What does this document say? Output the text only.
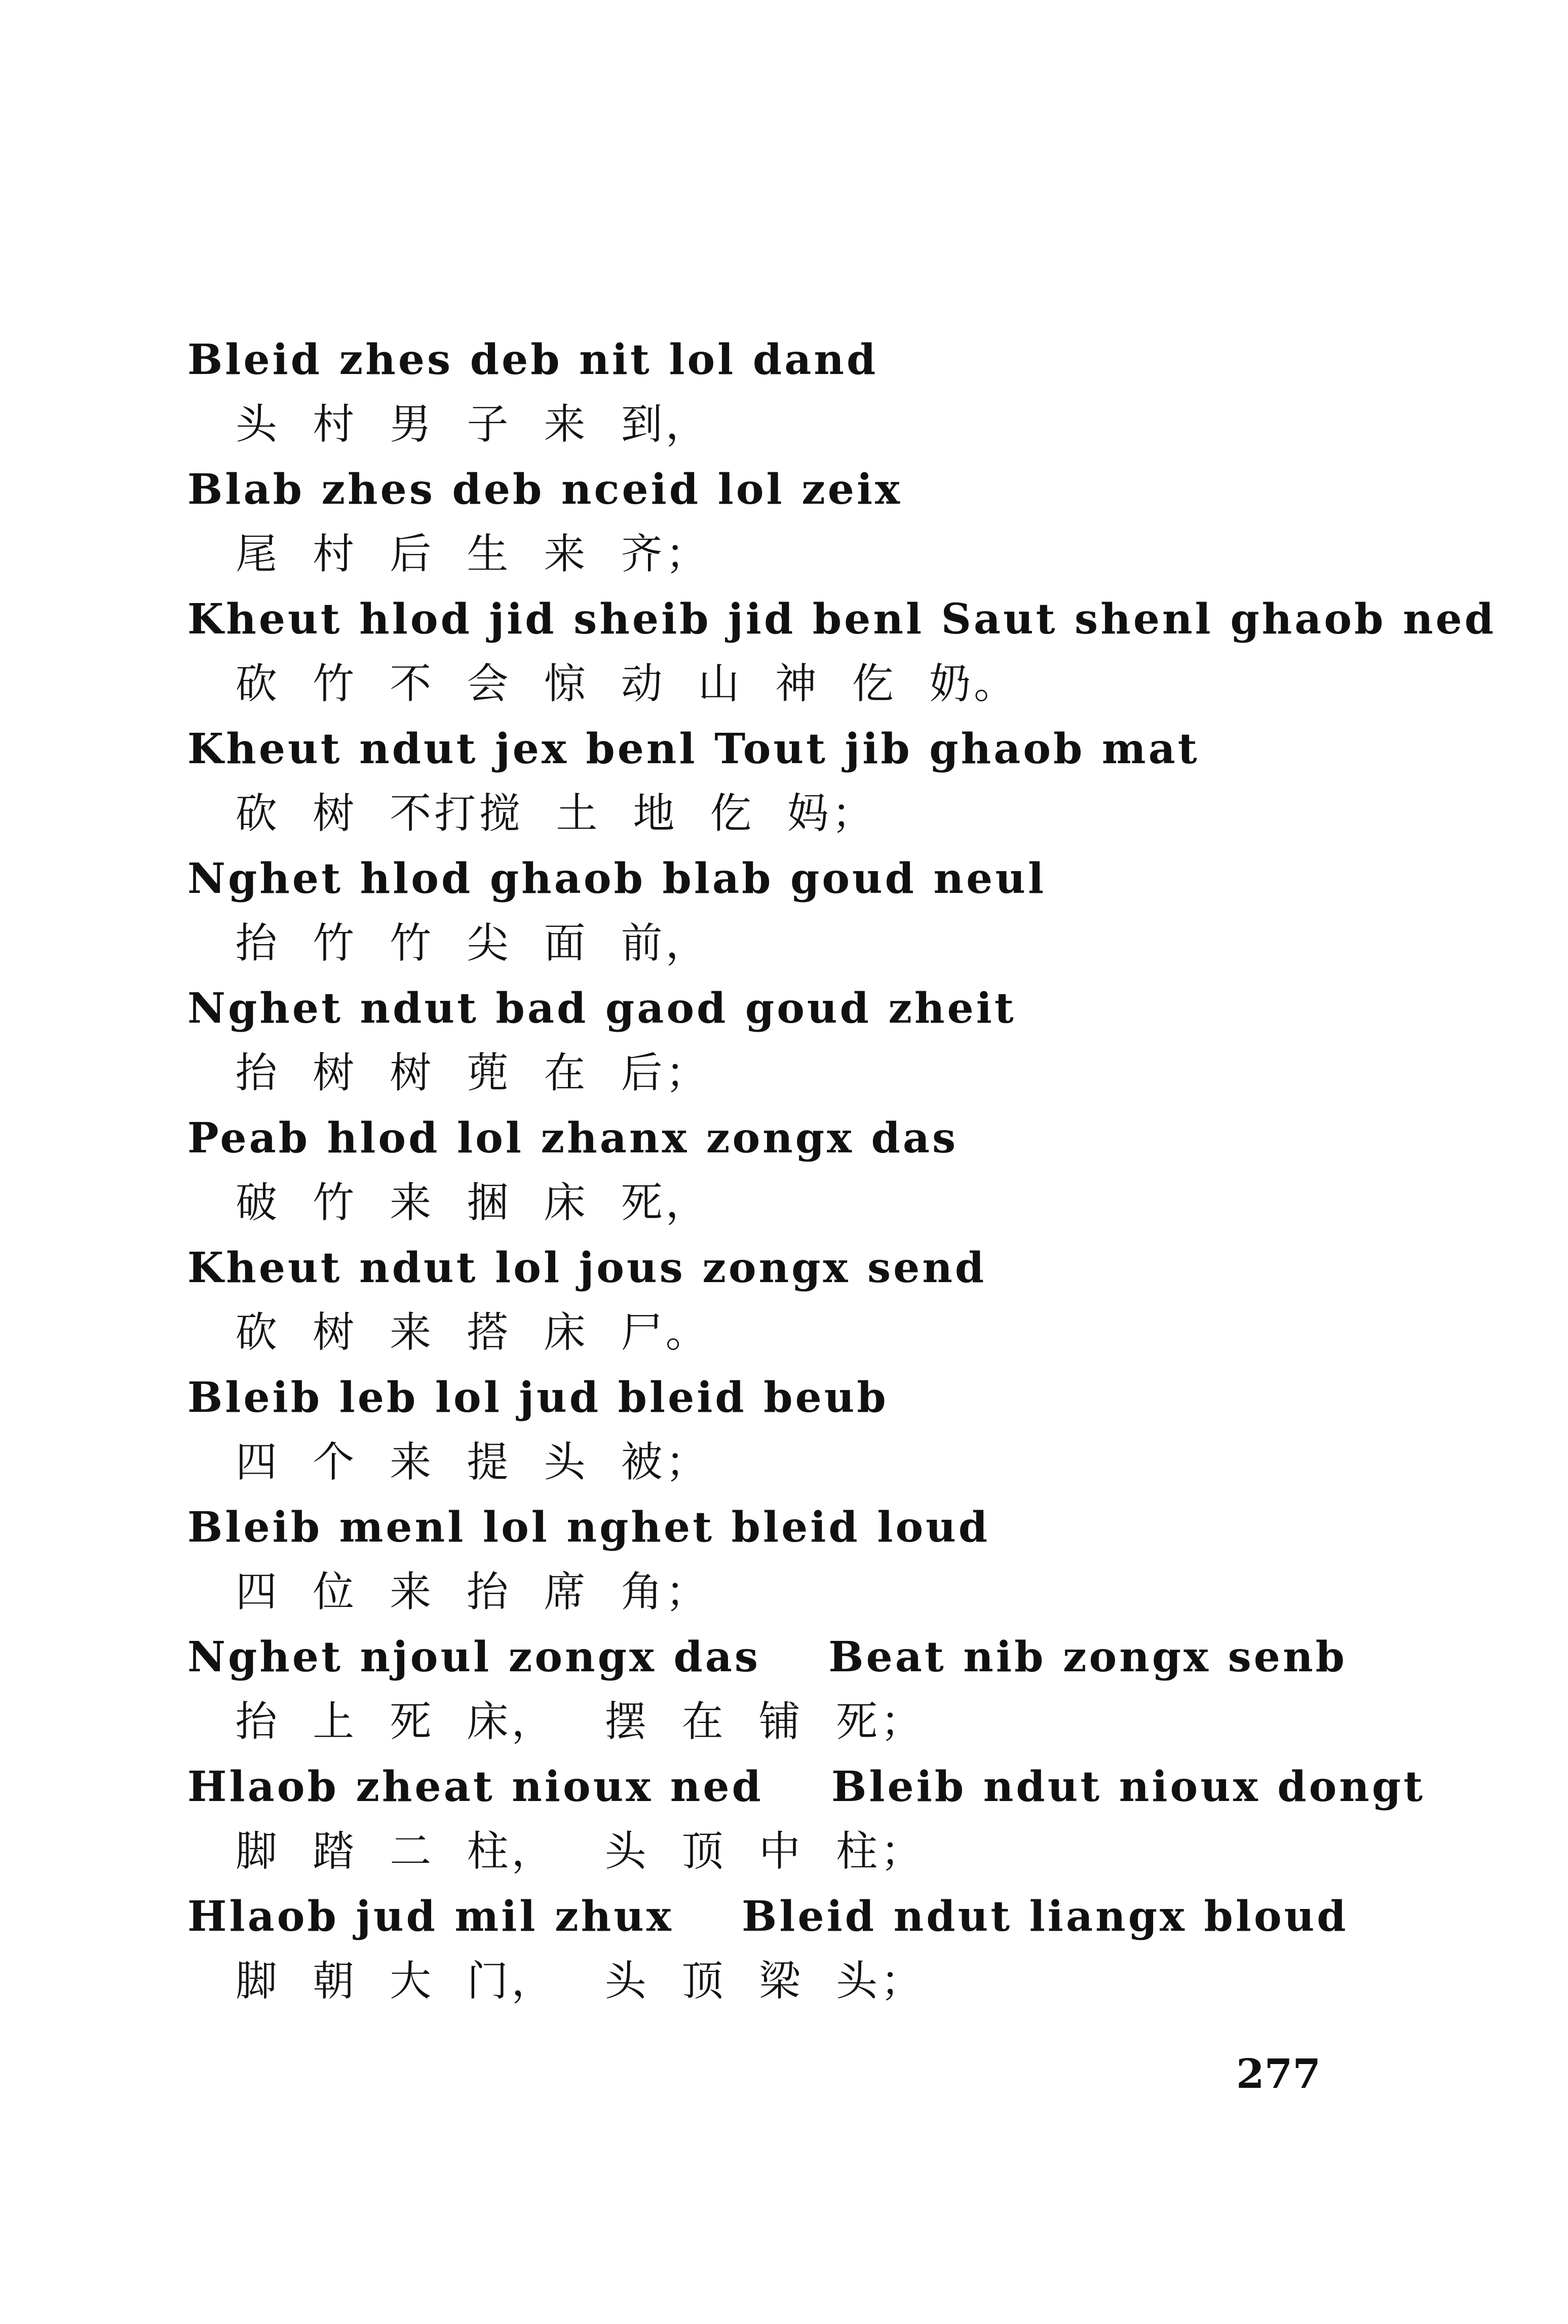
Bleid zhes deb nit lol dand
头  村  男  子  来  到，
Blab zhes deb nceid lol zeix
尾  村  后  生  来  齐；
Kheut hlod jid sheib jid benl Saut shenl ghaob ned
砍  竹  不  会  惊  动  山  神  仡  奶。
Kheut ndut jex benl Tout jib ghaob mat
砍  树  不打搅  土  地  仡  妈；
Nghet hlod ghaob blab goud neul
抬  竹  竹  尖  面  前，
Nghet ndut bad gaod goud zheit
抬  树  树  蔸  在  后；
Peab hlod lol zhanx zongx das
破  竹  来  捆  床  死，
Kheut ndut lol jous zongx send
砍  树  来  搭  床  尸。
Bleib leb lol jud bleid beub
四  个  来  提  头  被；
Bleib menl lol nghet bleid loud
四  位  来  抬  席  角；
Nghet njoul zongx das    Beat nib zongx senb
抬  上  死  床，   摆  在  铺  死；
Hlaob zheat nioux ned    Bleib ndut nioux dongt
脚  踏  二  柱，   头  顶  中  柱；
Hlaob jud mil zhux    Bleid ndut liangx bloud
脚  朝  大  门，   头  顶  梁  头；
277
